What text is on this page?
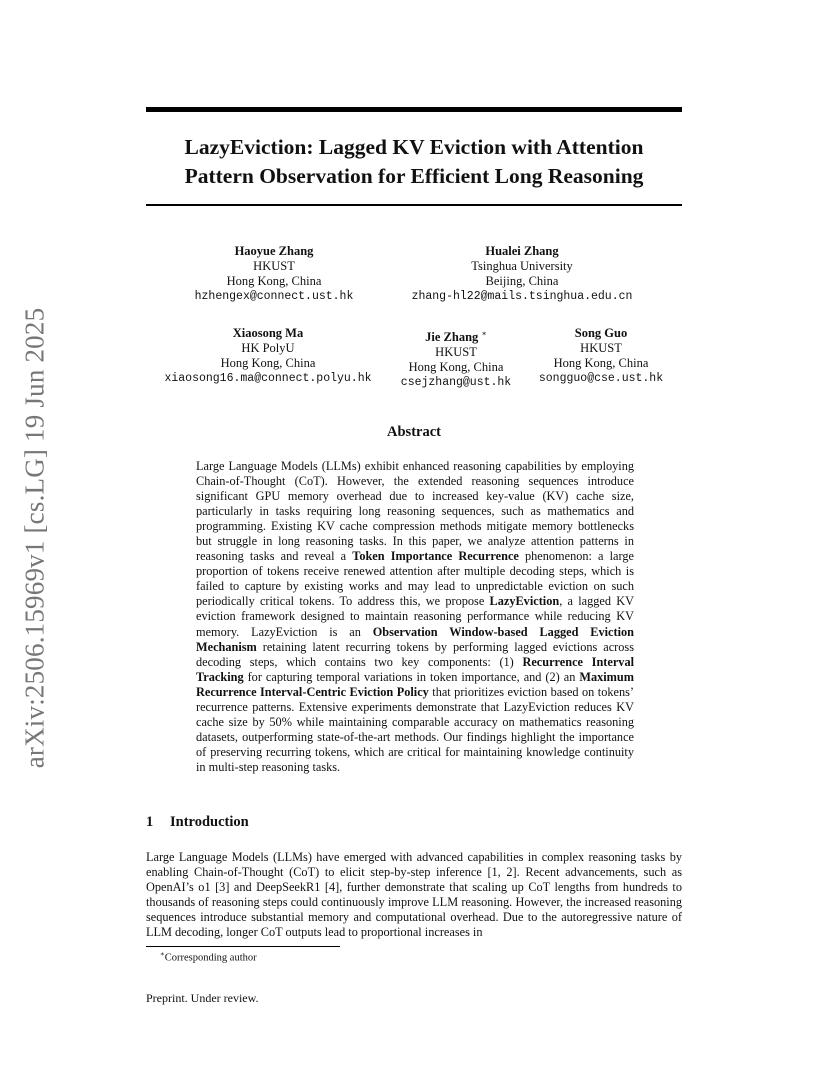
arXiv:2506.15969v1 [cs.LG] 19 Jun 2025
LazyEviction: Lagged KV Eviction with Attention
Pattern Observation for Efficient Long Reasoning
Haoyue Zhang
HKUST
Hong Kong, China
hzhengex@connect.ust.hk
Hualei Zhang
Tsinghua University
Beijing, China
zhang-hl22@mails.tsinghua.edu.cn
Xiaosong Ma
HK PolyU
Hong Kong, China
xiaosong16.ma@connect.polyu.hk
Jie Zhang ∗
HKUST
Hong Kong, China
csejzhang@ust.hk
Song Guo
HKUST
Hong Kong, China
songguo@cse.ust.hk
Abstract
Large Language Models (LLMs) exhibit enhanced reasoning capabilities by employing Chain-of-Thought (CoT). However, the extended reasoning sequences introduce significant GPU memory overhead due to increased key-value (KV) cache size, particularly in tasks requiring long reasoning sequences, such as mathematics and programming. Existing KV cache compression methods mitigate memory bottlenecks but struggle in long reasoning tasks. In this paper, we analyze attention patterns in reasoning tasks and reveal a Token Importance Recurrence phenomenon: a large proportion of tokens receive renewed attention after multiple decoding steps, which is failed to capture by existing works and may lead to unpredictable eviction on such periodically critical tokens. To address this, we propose LazyEviction, a lagged KV eviction framework designed to maintain reasoning performance while reducing KV memory. LazyEviction is an Observation Window-based Lagged Eviction Mechanism retaining latent recurring tokens by performing lagged evictions across decoding steps, which contains two key components: (1) Recurrence Interval Tracking for capturing temporal variations in token importance, and (2) an Maximum Recurrence Interval-Centric Eviction Policy that prioritizes eviction based on tokens’ recurrence patterns. Extensive experiments demonstrate that LazyEviction reduces KV cache size by 50% while maintaining comparable accuracy on mathematics reasoning datasets, outperforming state-of-the-art methods. Our findings highlight the importance of preserving recurring tokens, which are critical for maintaining knowledge continuity in multi-step reasoning tasks.
1 Introduction
Large Language Models (LLMs) have emerged with advanced capabilities in complex reasoning tasks by enabling Chain-of-Thought (CoT) to elicit step-by-step inference [1, 2]. Recent advancements, such as OpenAI’s o1 [3] and DeepSeekR1 [4], further demonstrate that scaling up CoT lengths from hundreds to thousands of reasoning steps could continuously improve LLM reasoning. However, the increased reasoning sequences introduce substantial memory and computational overhead. Due to the autoregressive nature of LLM decoding, longer CoT outputs lead to proportional increases in
∗Corresponding author
Preprint. Under review.
